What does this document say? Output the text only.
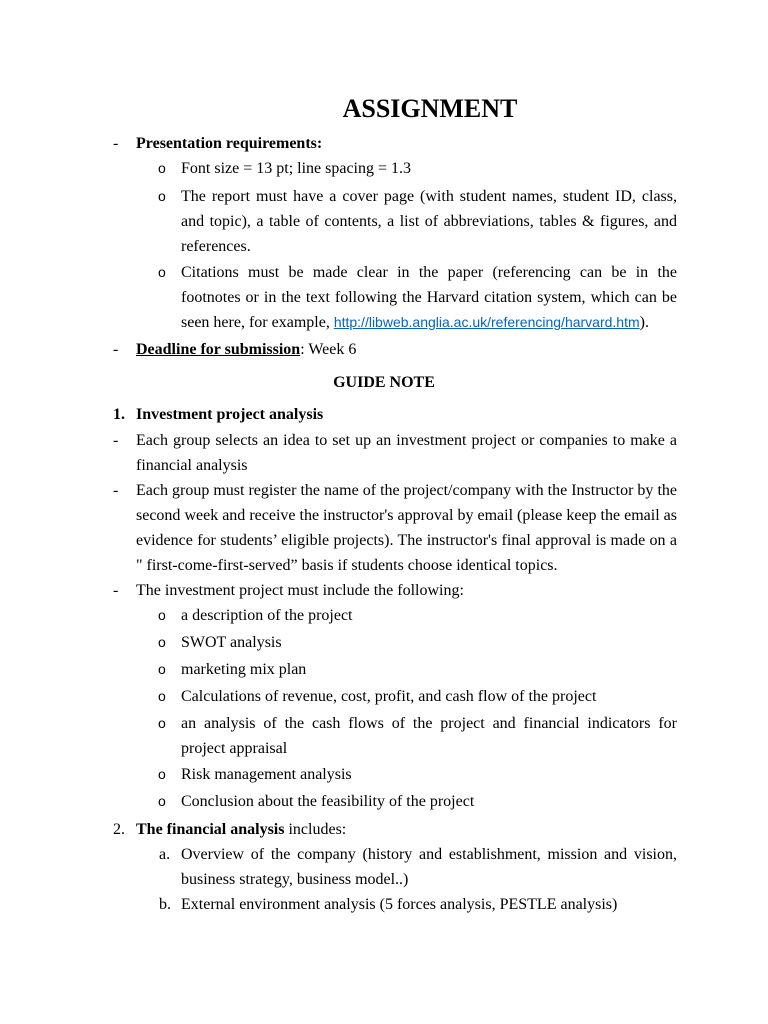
ASSIGNMENT
- Presentation requirements:
o Font size = 13 pt; line spacing = 1.3
o The report must have a cover page (with student names, student ID, class, and topic), a table of contents, a list of abbreviations, tables & figures, and references.
o Citations must be made clear in the paper (referencing can be in the footnotes or in the text following the Harvard citation system, which can be seen here, for example, http://libweb.anglia.ac.uk/referencing/harvard.htm).
- Deadline for submission: Week 6
GUIDE NOTE
1. Investment project analysis
- Each group selects an idea to set up an investment project or companies to make a financial analysis
- Each group must register the name of the project/company with the Instructor by the second week and receive the instructor's approval by email (please keep the email as evidence for students’ eligible projects). The instructor's final approval is made on a " first-come-first-served” basis if students choose identical topics.
- The investment project must include the following:
o a description of the project
o SWOT analysis
o marketing mix plan
o Calculations of revenue, cost, profit, and cash flow of the project
o an analysis of the cash flows of the project and financial indicators for project appraisal
o Risk management analysis
o Conclusion about the feasibility of the project
2. The financial analysis includes:
a. Overview of the company (history and establishment, mission and vision, business strategy, business model..)
b. External environment analysis (5 forces analysis, PESTLE analysis)
